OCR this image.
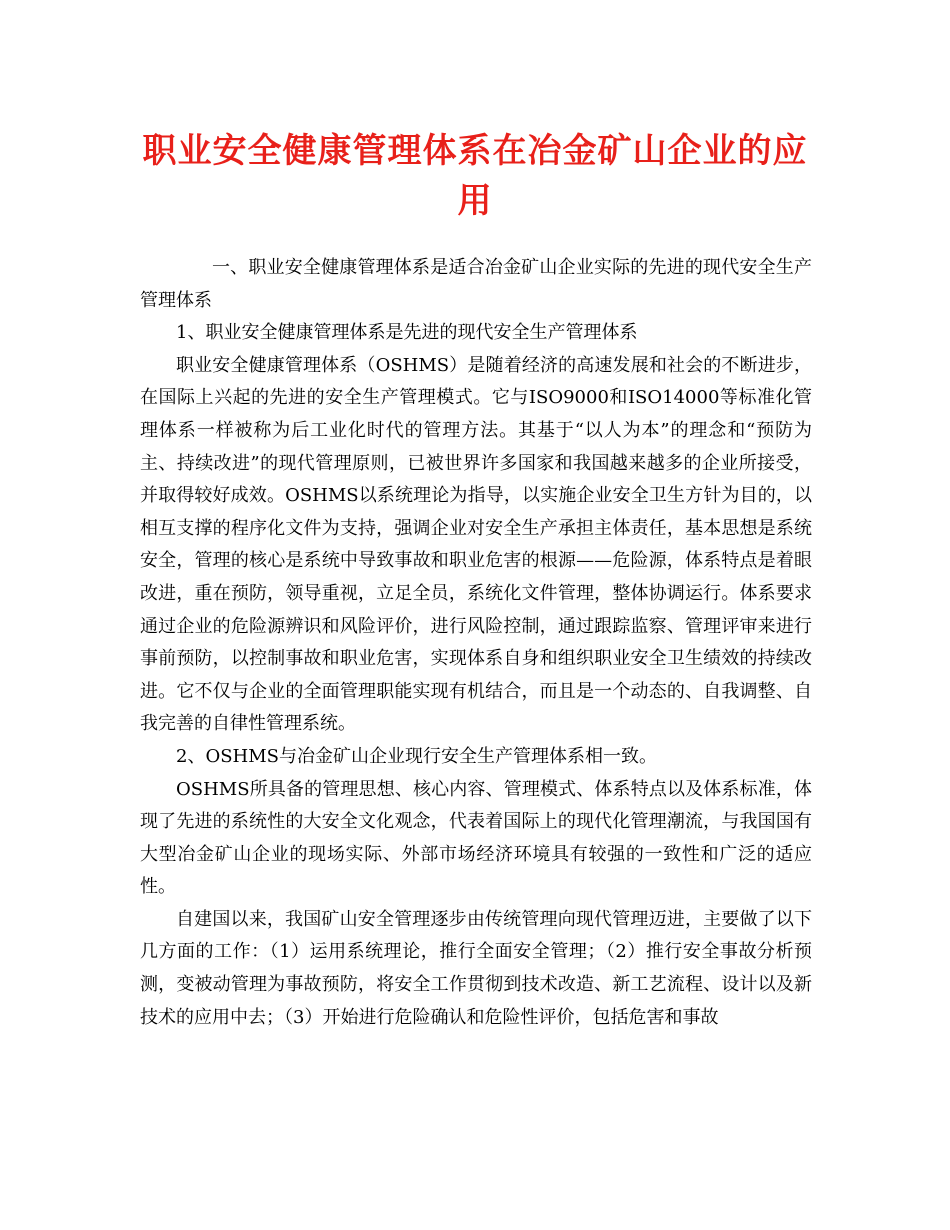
职业安全健康管理体系在冶金矿山企业的应用

一、职业安全健康管理体系是适合冶金矿山企业实际的先进的现代安全生产管理体系

1、职业安全健康管理体系是先进的现代安全生产管理体系

职业安全健康管理体系（OSHMS）是随着经济的高速发展和社会的不断进步，在国际上兴起的先进的安全生产管理模式。它与ISO9000和ISO14000等标准化管理体系一样被称为后工业化时代的管理方法。其基于“以人为本”的理念和“预防为主、持续改进”的现代管理原则，已被世界许多国家和我国越来越多的企业所接受，并取得较好成效。OSHMS以系统理论为指导，以实施企业安全卫生方针为目的，以相互支撑的程序化文件为支持，强调企业对安全生产承担主体责任，基本思想是系统安全，管理的核心是系统中导致事故和职业危害的根源——危险源，体系特点是着眼改进，重在预防，领导重视，立足全员，系统化文件管理，整体协调运行。体系要求通过企业的危险源辨识和风险评价，进行风险控制，通过跟踪监察、管理评审来进行事前预防，以控制事故和职业危害，实现体系自身和组织职业安全卫生绩效的持续改进。它不仅与企业的全面管理职能实现有机结合，而且是一个动态的、自我调整、自我完善的自律性管理系统。

2、OSHMS与冶金矿山企业现行安全生产管理体系相一致。

OSHMS所具备的管理思想、核心内容、管理模式、体系特点以及体系标准，体现了先进的系统性的大安全文化观念，代表着国际上的现代化管理潮流，与我国国有大型冶金矿山企业的现场实际、外部市场经济环境具有较强的一致性和广泛的适应性。

自建国以来，我国矿山安全管理逐步由传统管理向现代管理迈进，主要做了以下几方面的工作：（1）运用系统理论，推行全面安全管理；（2）推行安全事故分析预测，变被动管理为事故预防，将安全工作贯彻到技术改造、新工艺流程、设计以及新技术的应用中去；（3）开始进行危险确认和危险性评价，包括危害和事故
